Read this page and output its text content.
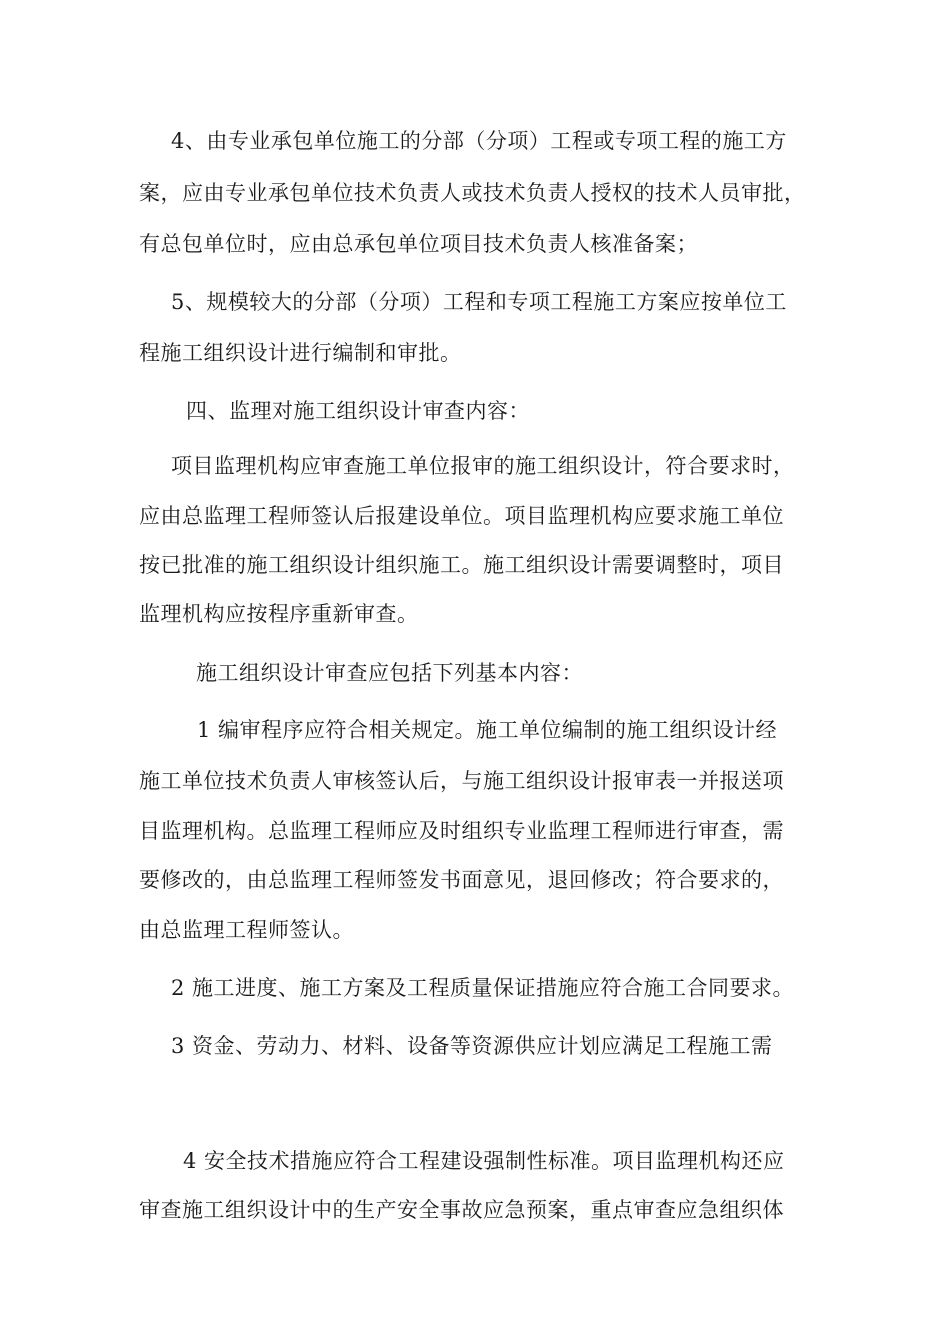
4、由专业承包单位施工的分部（分项）工程或专项工程的施工方

案，应由专业承包单位技术负责人或技术负责人授权的技术人员审批，

有总包单位时，应由总承包单位项目技术负责人核准备案；

5、规模较大的分部（分项）工程和专项工程施工方案应按单位工

程施工组织设计进行编制和审批。

四、监理对施工组织设计审查内容：

项目监理机构应审查施工单位报审的施工组织设计，符合要求时，

应由总监理工程师签认后报建设单位。项目监理机构应要求施工单位

按已批准的施工组织设计组织施工。施工组织设计需要调整时，项目

监理机构应按程序重新审查。

施工组织设计审查应包括下列基本内容：

1 编审程序应符合相关规定。施工单位编制的施工组织设计经

施工单位技术负责人审核签认后，与施工组织设计报审表一并报送项

目监理机构。总监理工程师应及时组织专业监理工程师进行审查，需

要修改的，由总监理工程师签发书面意见，退回修改；符合要求的，

由总监理工程师签认。

2 施工进度、施工方案及工程质量保证措施应符合施工合同要求。

3 资金、劳动力、材料、设备等资源供应计划应满足工程施工需

4 安全技术措施应符合工程建设强制性标准。项目监理机构还应

审查施工组织设计中的生产安全事故应急预案，重点审查应急组织体
